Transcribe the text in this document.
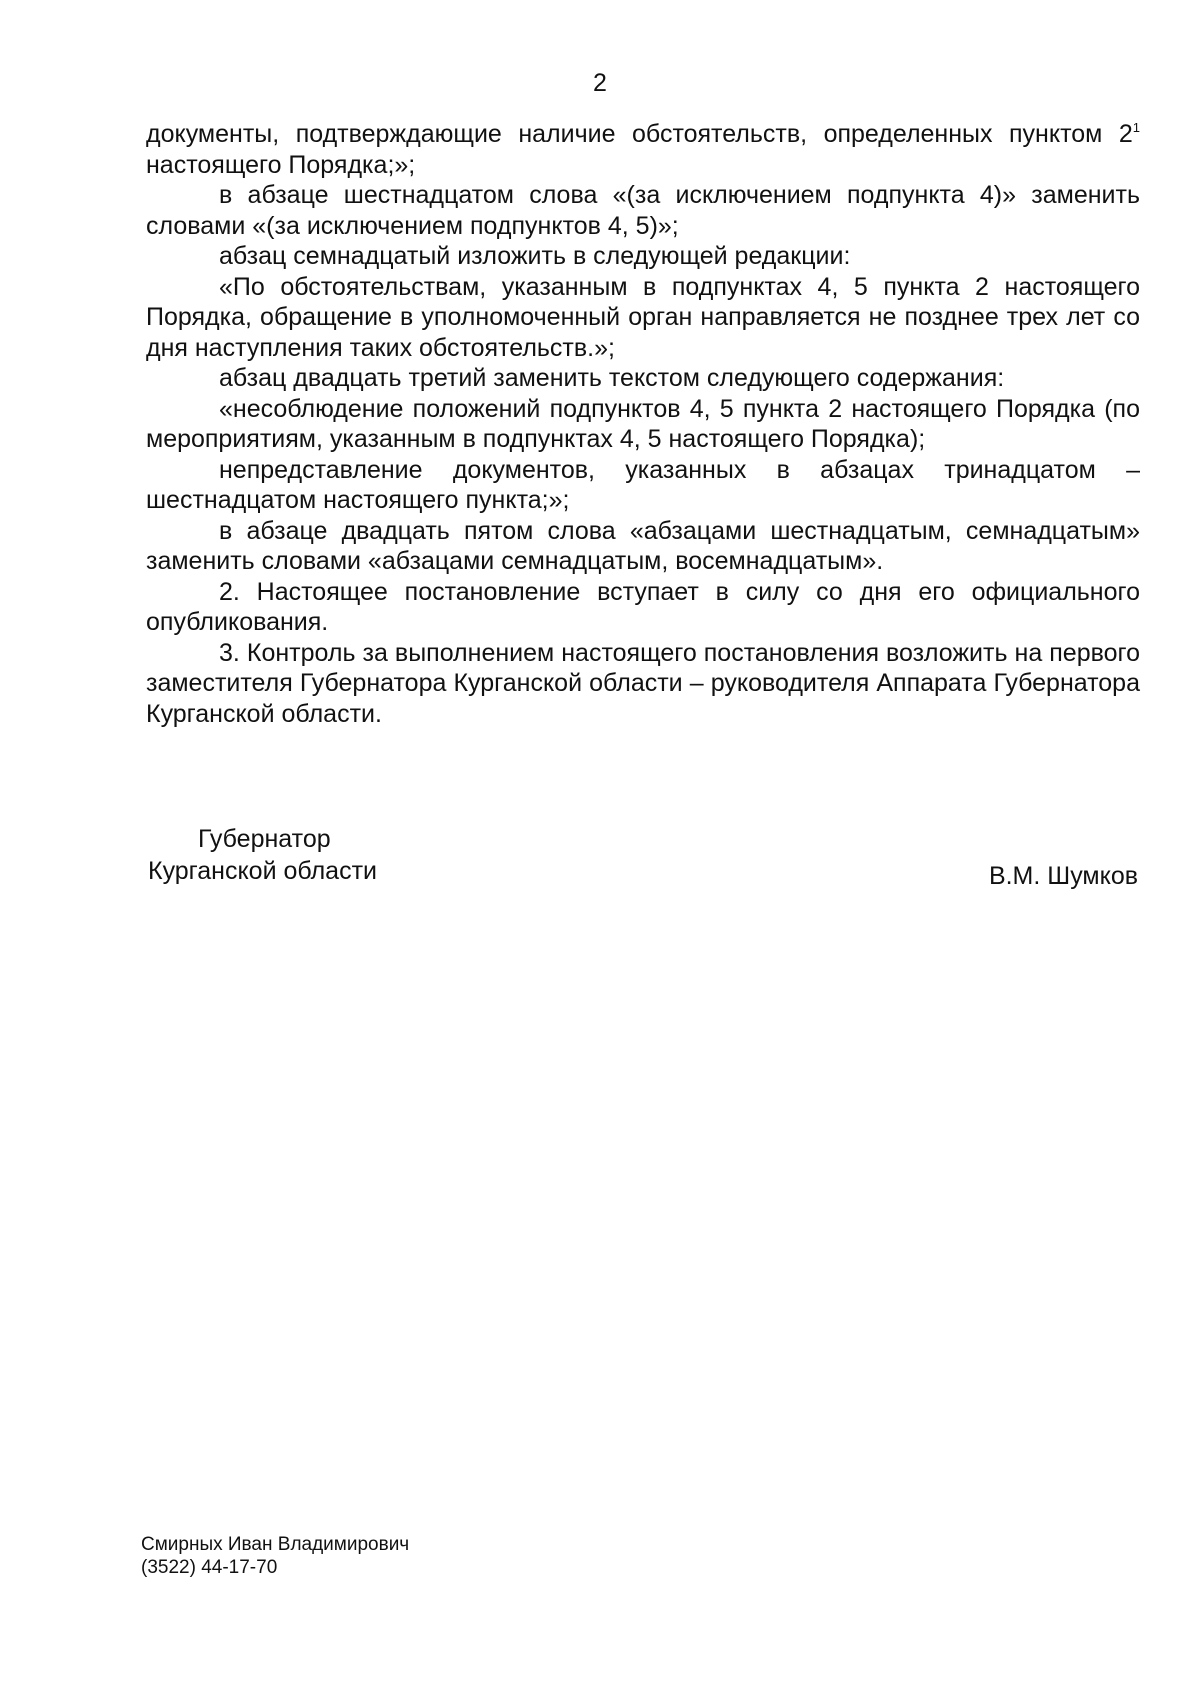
2

документы, подтверждающие наличие обстоятельств, определенных пунктом $2^1$ настоящего Порядка;»;

в абзаце шестнадцатом слова «(за исключением подпункта 4)» заменить словами «(за исключением подпунктов 4, 5)»;

абзац семнадцатый изложить в следующей редакции:

«По обстоятельствам, указанным в подпунктах 4, 5 пункта 2 настоящего Порядка, обращение в уполномоченный орган направляется не позднее трех лет со дня наступления таких обстоятельств.»;

абзац двадцать третий заменить текстом следующего содержания:

«несоблюдение положений подпунктов 4, 5 пункта 2 настоящего Порядка (по мероприятиям, указанным в подпунктах 4, 5 настоящего Порядка);

непредставление документов, указанных в абзацах тринадцатом – шестнадцатом настоящего пункта;»;

в абзаце двадцать пятом слова «абзацами шестнадцатым, семнадцатым» заменить словами «абзацами семнадцатым, восемнадцатым».

2. Настоящее постановление вступает в силу со дня его официального опубликования.

3. Контроль за выполнением настоящего постановления возложить на первого заместителя Губернатора Курганской области – руководителя Аппарата Губернатора Курганской области.

Губернатор
Курганской области	В.М. Шумков
Смирных Иван Владимирович
(3522) 44-17-70
